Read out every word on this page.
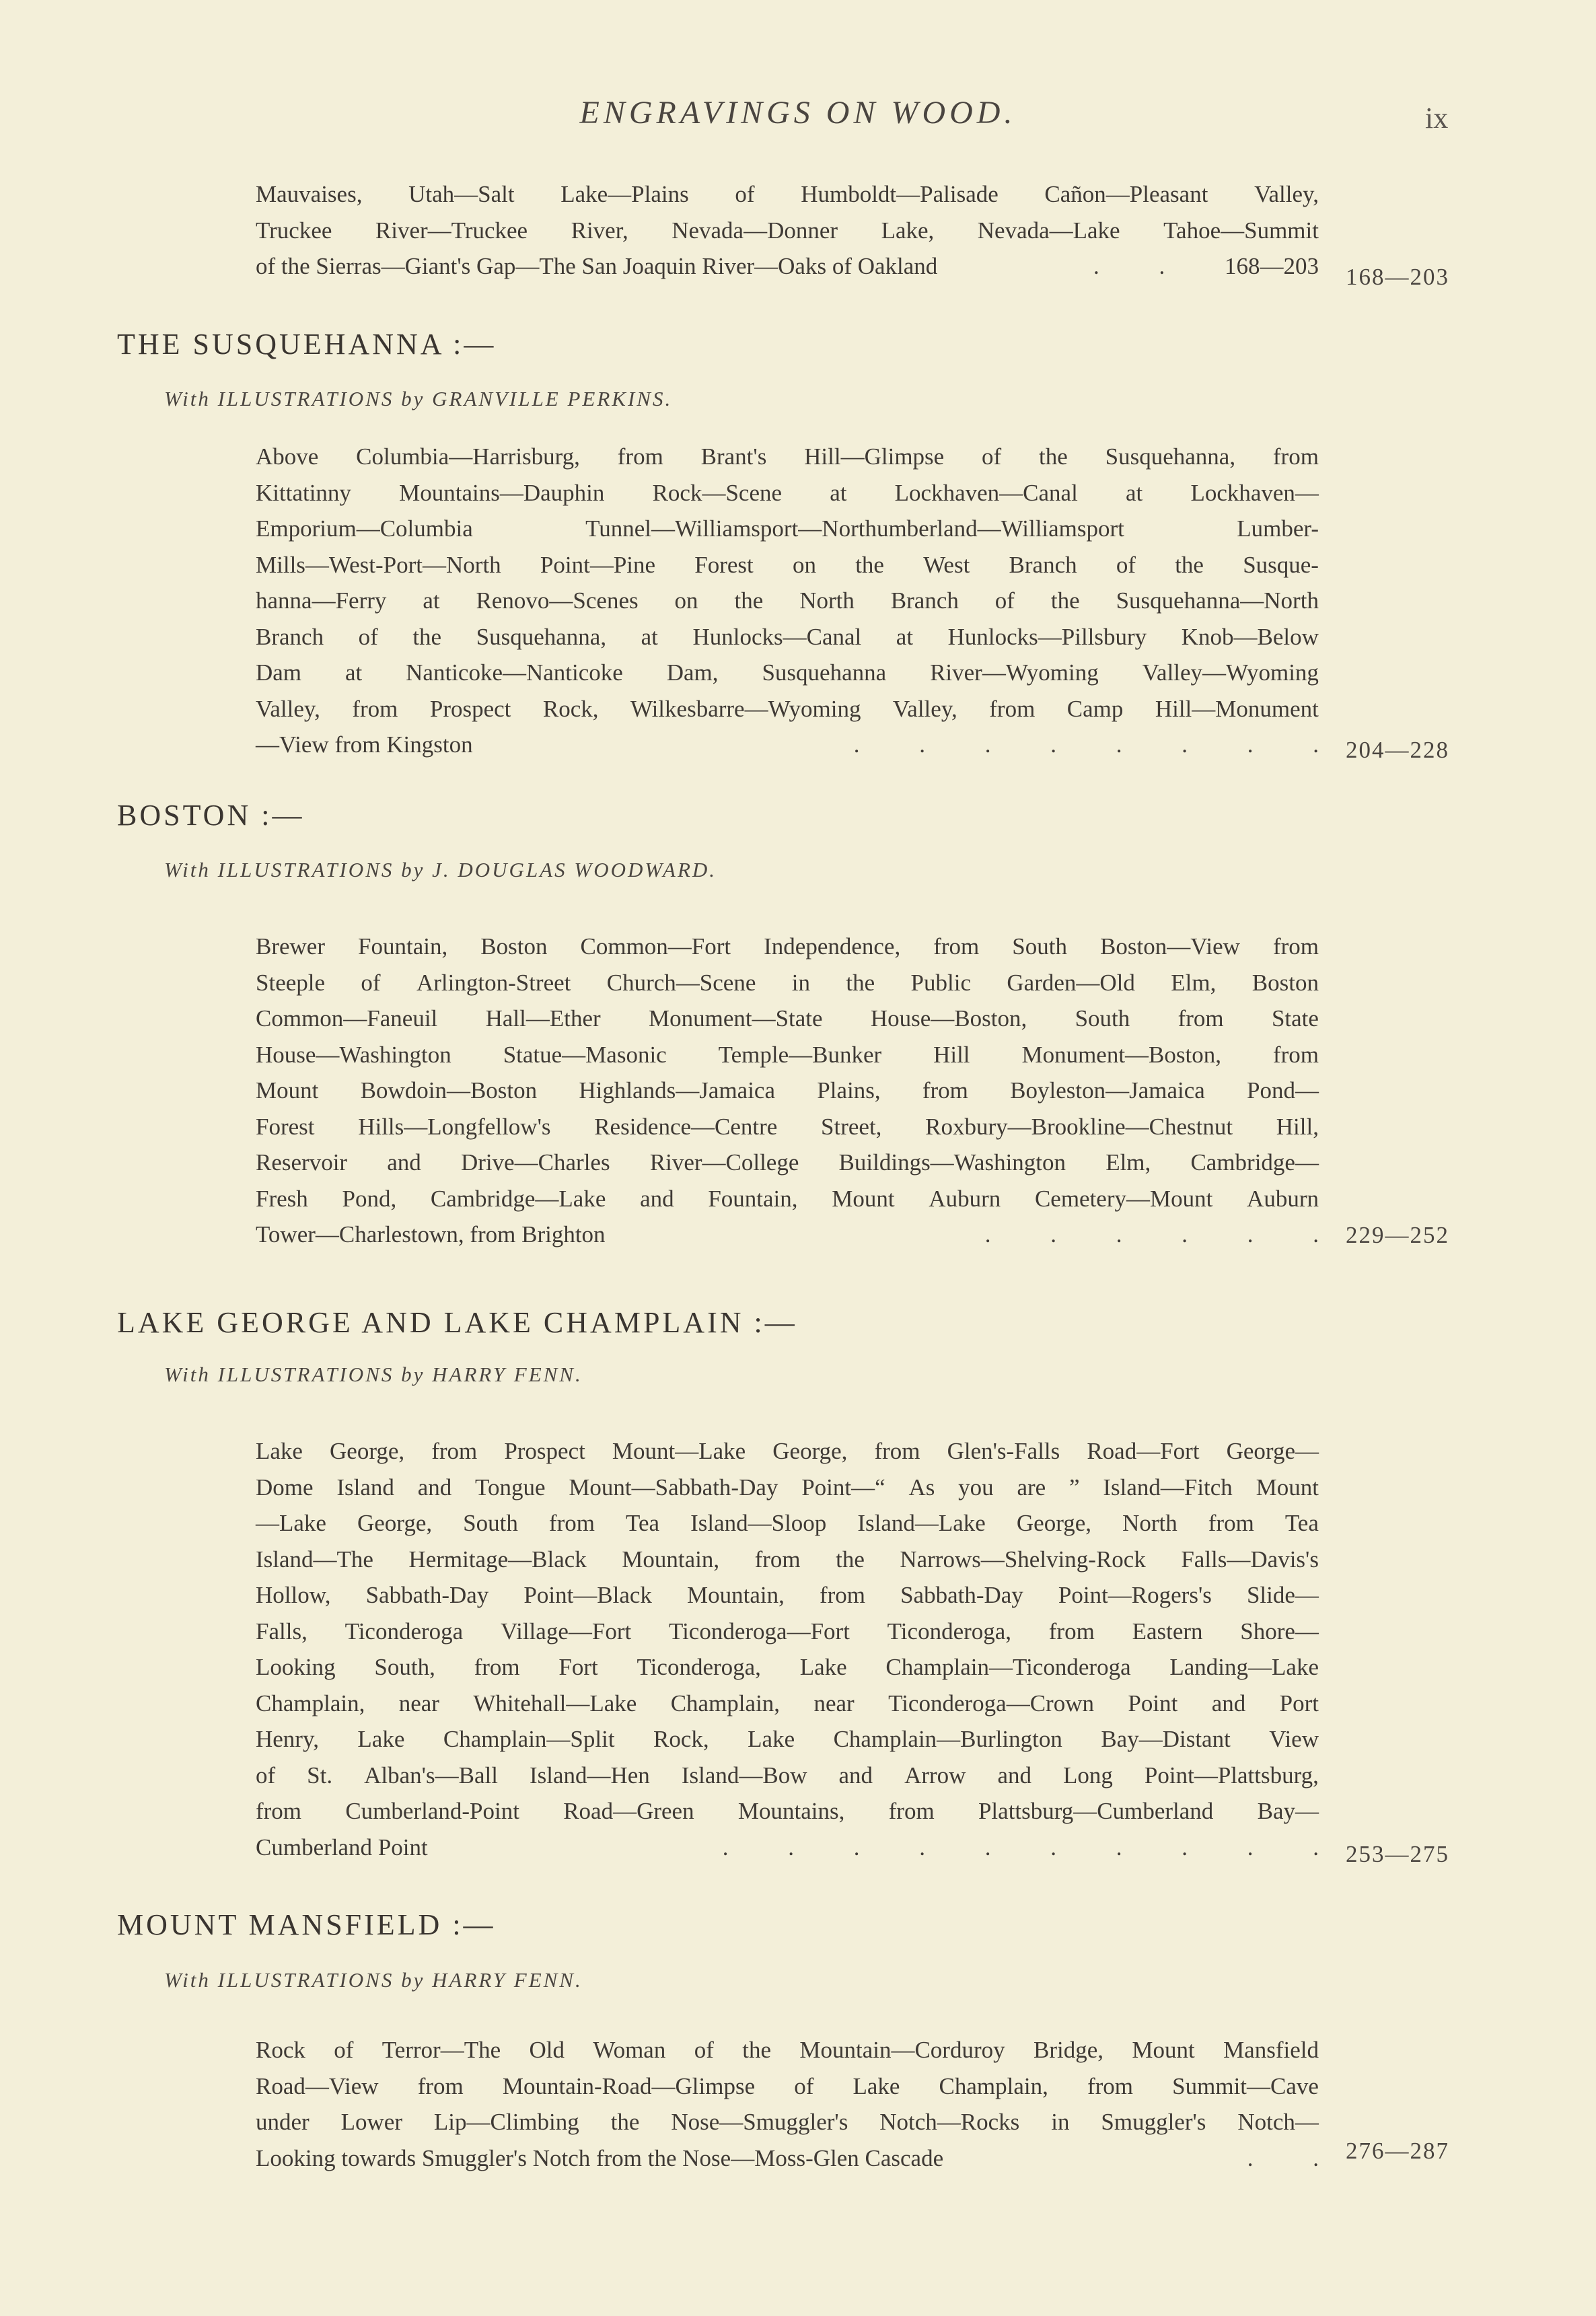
ENGRAVINGS ON WOOD.	ix
Mauvaises, Utah—Salt Lake—Plains of Humboldt—Palisade Cañon—Pleasant Valley,
Truckee River—Truckee River, Nevada—Donner Lake, Nevada—Lake Tahoe—Summit
of the Sierras—Giant's Gap—The San Joaquin River—Oaks of Oakland	. . 168—203 168—203
THE SUSQUEHANNA :—
With ILLUSTRATIONS by GRANVILLE PERKINS.
Above Columbia—Harrisburg, from Brant's Hill—Glimpse of the Susquehanna, from
Kittatinny Mountains—Dauphin Rock—Scene at Lockhaven—Canal at Lockhaven—
Emporium—Columbia	Tunnel—Williamsport—Northumberland—Williamsport	Lumber-
Mills—West-Port—North Point—Pine Forest on the West Branch of the Susque-
hanna—Ferry at Renovo—Scenes on the North Branch of the Susquehanna—North
Branch of the Susquehanna, at Hunlocks—Canal at Hunlocks—Pillsbury Knob—Below
Dam at Nanticoke—Nanticoke Dam, Susquehanna River—Wyoming Valley—Wyoming
Valley, from Prospect Rock, Wilkesbarre—Wyoming Valley, from Camp Hill—Monument
—View from Kingston	. . . . . . . . 204—228
BOSTON :—
With ILLUSTRATIONS by J. DOUGLAS WOODWARD.
Brewer Fountain, Boston Common—Fort Independence, from South Boston—View from
Steeple of Arlington-Street Church—Scene in the Public Garden—Old Elm, Boston
Common—Faneuil Hall—Ether Monument—State House—Boston, South from State
House—Washington Statue—Masonic Temple—Bunker Hill Monument—Boston, from
Mount Bowdoin—Boston Highlands—Jamaica Plains, from Boyleston—Jamaica Pond—
Forest Hills—Longfellow's Residence—Centre Street, Roxbury—Brookline—Chestnut Hill,
Reservoir and Drive—Charles River—College Buildings—Washington Elm, Cambridge—
Fresh Pond, Cambridge—Lake and Fountain, Mount Auburn Cemetery—Mount Auburn
Tower—Charlestown, from Brighton	. . . . . . 229—252
LAKE GEORGE AND LAKE CHAMPLAIN :—
With ILLUSTRATIONS by HARRY FENN.
Lake George, from Prospect Mount—Lake George, from Glen's-Falls Road—Fort George—
Dome Island and Tongue Mount—Sabbath-Day Point—“ As you are ” Island—Fitch Mount
—Lake George, South from Tea Island—Sloop Island—Lake George, North from Tea
Island—The Hermitage—Black Mountain, from the Narrows—Shelving-Rock Falls—Davis's
Hollow, Sabbath-Day Point—Black Mountain, from Sabbath-Day Point—Rogers's Slide—
Falls, Ticonderoga Village—Fort Ticonderoga—Fort Ticonderoga, from Eastern Shore—
Looking South, from Fort Ticonderoga, Lake Champlain—Ticonderoga Landing—Lake
Champlain, near Whitehall—Lake Champlain, near Ticonderoga—Crown Point and Port
Henry, Lake Champlain—Split Rock, Lake Champlain—Burlington Bay—Distant View
of St. Alban's—Ball Island—Hen Island—Bow and Arrow and Long Point—Plattsburg,
from Cumberland-Point Road—Green Mountains, from Plattsburg—Cumberland Bay—
Cumberland Point	. . . . . . . . . . 253—275
MOUNT MANSFIELD :—
With ILLUSTRATIONS by HARRY FENN.
Rock of Terror—The Old Woman of the Mountain—Corduroy Bridge, Mount Mansfield
Road—View from Mountain-Road—Glimpse of Lake Champlain, from Summit—Cave
under Lower Lip—Climbing the Nose—Smuggler's Notch—Rocks in Smuggler's Notch—
Looking towards Smuggler's Notch from the Nose—Moss-Glen Cascade	. . 276—287
